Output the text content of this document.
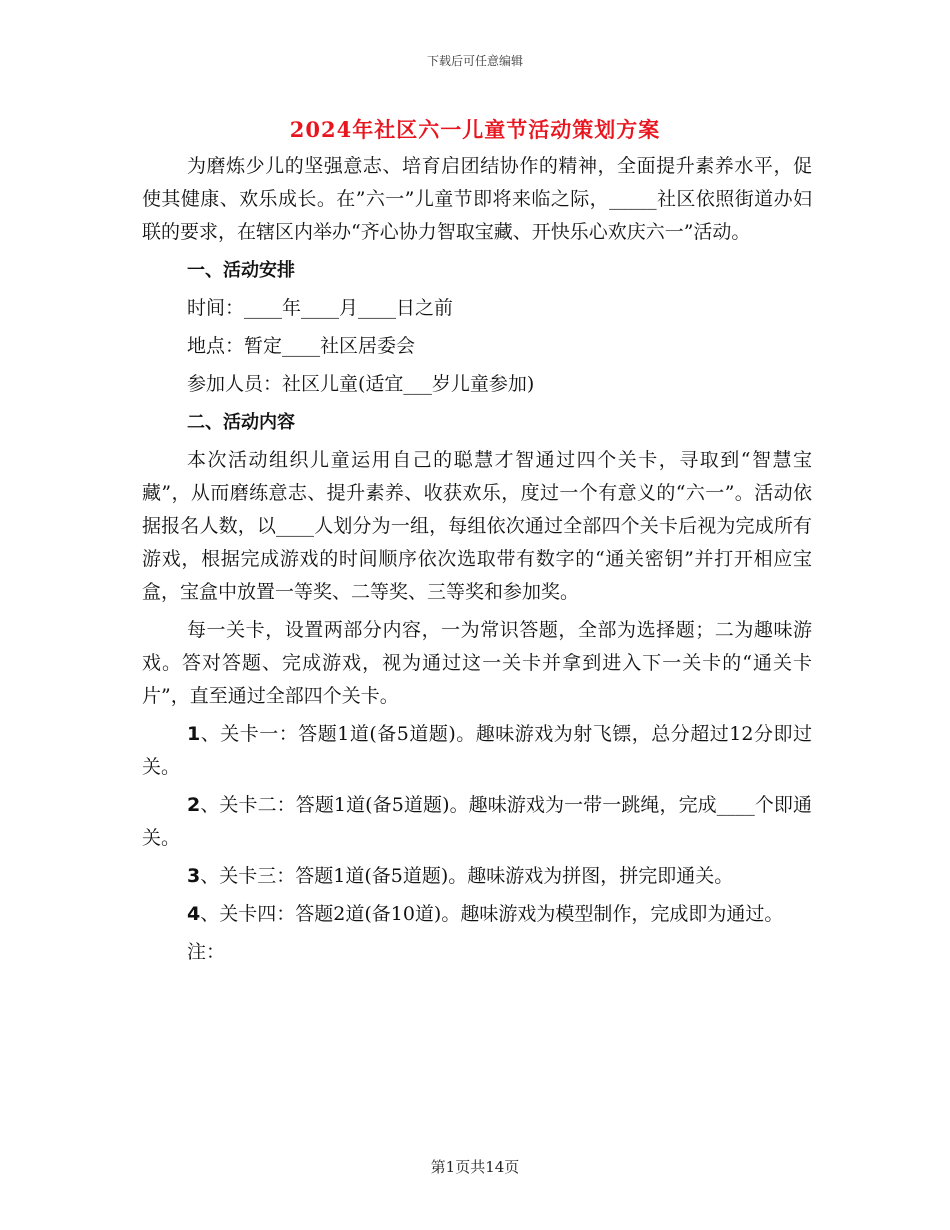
下载后可任意编辑
2024年社区六一儿童节活动策划方案

为磨炼少儿的坚强意志、培育启团结协作的精神，全面提升素养水平，促使其健康、欢乐成长。在”六一”儿童节即将来临之际，_____社区依照街道办妇联的要求，在辖区内举办“齐心协力智取宝藏、开快乐心欢庆六一”活动。

一、活动安排

时间：____年____月____日之前

地点：暂定____社区居委会

参加人员：社区儿童(适宜___岁儿童参加)

二、活动内容

本次活动组织儿童运用自己的聪慧才智通过四个关卡，寻取到“智慧宝藏”，从而磨练意志、提升素养、收获欢乐，度过一个有意义的“六一”。活动依据报名人数，以____人划分为一组，每组依次通过全部四个关卡后视为完成所有游戏，根据完成游戏的时间顺序依次选取带有数字的“通关密钥”并打开相应宝盒，宝盒中放置一等奖、二等奖、三等奖和参加奖。

每一关卡，设置两部分内容，一为常识答题，全部为选择题；二为趣味游戏。答对答题、完成游戏，视为通过这一关卡并拿到进入下一关卡的“通关卡片”，直至通过全部四个关卡。

1、关卡一：答题1道(备5道题)。趣味游戏为射飞镖，总分超过12分即过关。

2、关卡二：答题1道(备5道题)。趣味游戏为一带一跳绳，完成____个即通关。

3、关卡三：答题1道(备5道题)。趣味游戏为拼图，拼完即通关。

4、关卡四：答题2道(备10道)。趣味游戏为模型制作，完成即为通过。

注：

第1页共14页
